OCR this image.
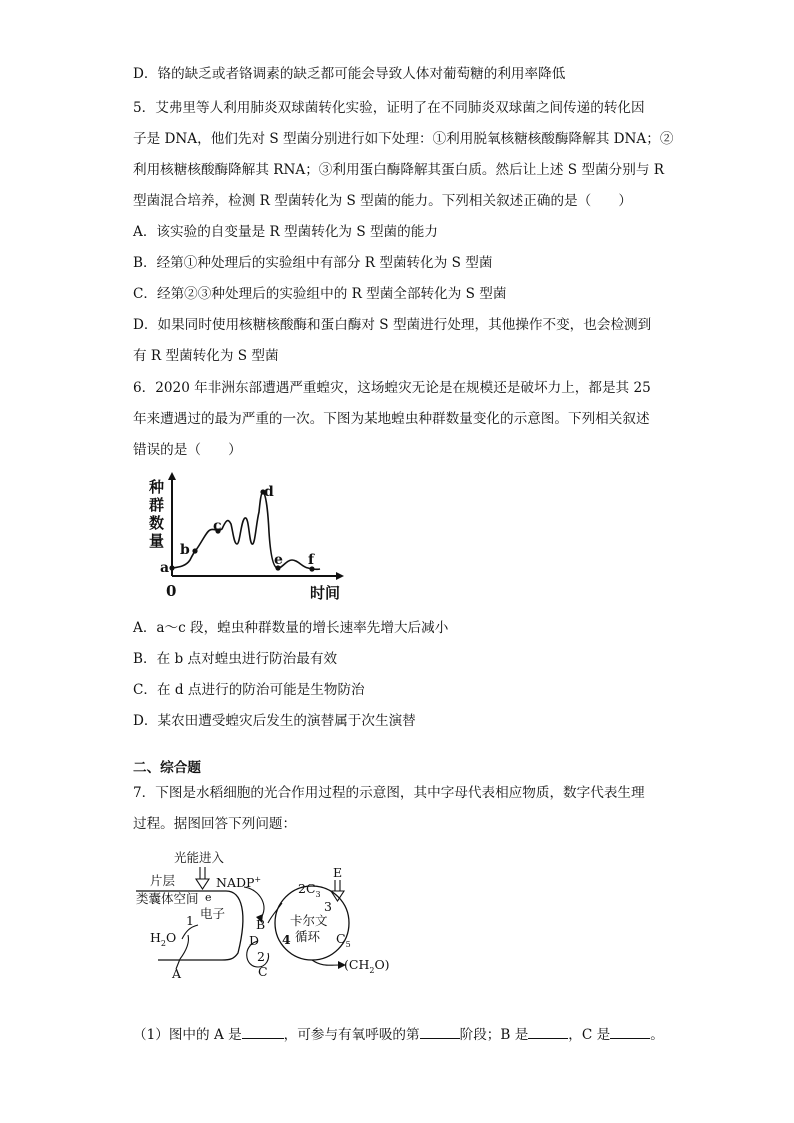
D．铬的缺乏或者铬调素的缺乏都可能会导致人体对葡萄糖的利用率降低
5．艾弗里等人利用肺炎双球菌转化实验，证明了在不同肺炎双球菌之间传递的转化因
子是 DNA，他们先对 S 型菌分别进行如下处理：①利用脱氧核糖核酸酶降解其 DNA；②
利用核糖核酸酶降解其 RNA；③利用蛋白酶降解其蛋白质。然后让上述 S 型菌分别与 R
型菌混合培养，检测 R 型菌转化为 S 型菌的能力。下列相关叙述正确的是（　　）
A．该实验的自变量是 R 型菌转化为 S 型菌的能力
B．经第①种处理后的实验组中有部分 R 型菌转化为 S 型菌
C．经第②③种处理后的实验组中的 R 型菌全部转化为 S 型菌
D．如果同时使用核糖核酸酶和蛋白酶对 S 型菌进行处理，其他操作不变，也会检测到
有 R 型菌转化为 S 型菌
6．2020 年非洲东部遭遇严重蝗灾，这场蝗灾无论是在规模还是破坏力上，都是其 25
年来遭遇过的最为严重的一次。下图为某地蝗虫种群数量变化的示意图。下列相关叙述
错误的是（　　）
种
群
数
量
0	时间
a
b
c
d
e f
A．a～c 段，蝗虫种群数量的增长速率先增大后减小
B．在 b 点对蝗虫进行防治最有效
C．在 d 点进行的防治可能是生物防治
D．某农田遭受蝗灾后发生的演替属于次生演替
二、综合题
7．下图是水稻细胞的光合作用过程的示意图，其中字母代表相应物质，数字代表生理
过程。据图回答下列问题：
光能进入
片层	NADP+
类囊体空间 e
电子
1
$H_2O$
A
B
D
2
C
4
$2C_3$
3
E
卡尔文
循环 $C_5$
$(CH_2O)$
（1）图中的 A 是	，可参与有氧呼吸的第	阶段；B 是	，C 是	。
